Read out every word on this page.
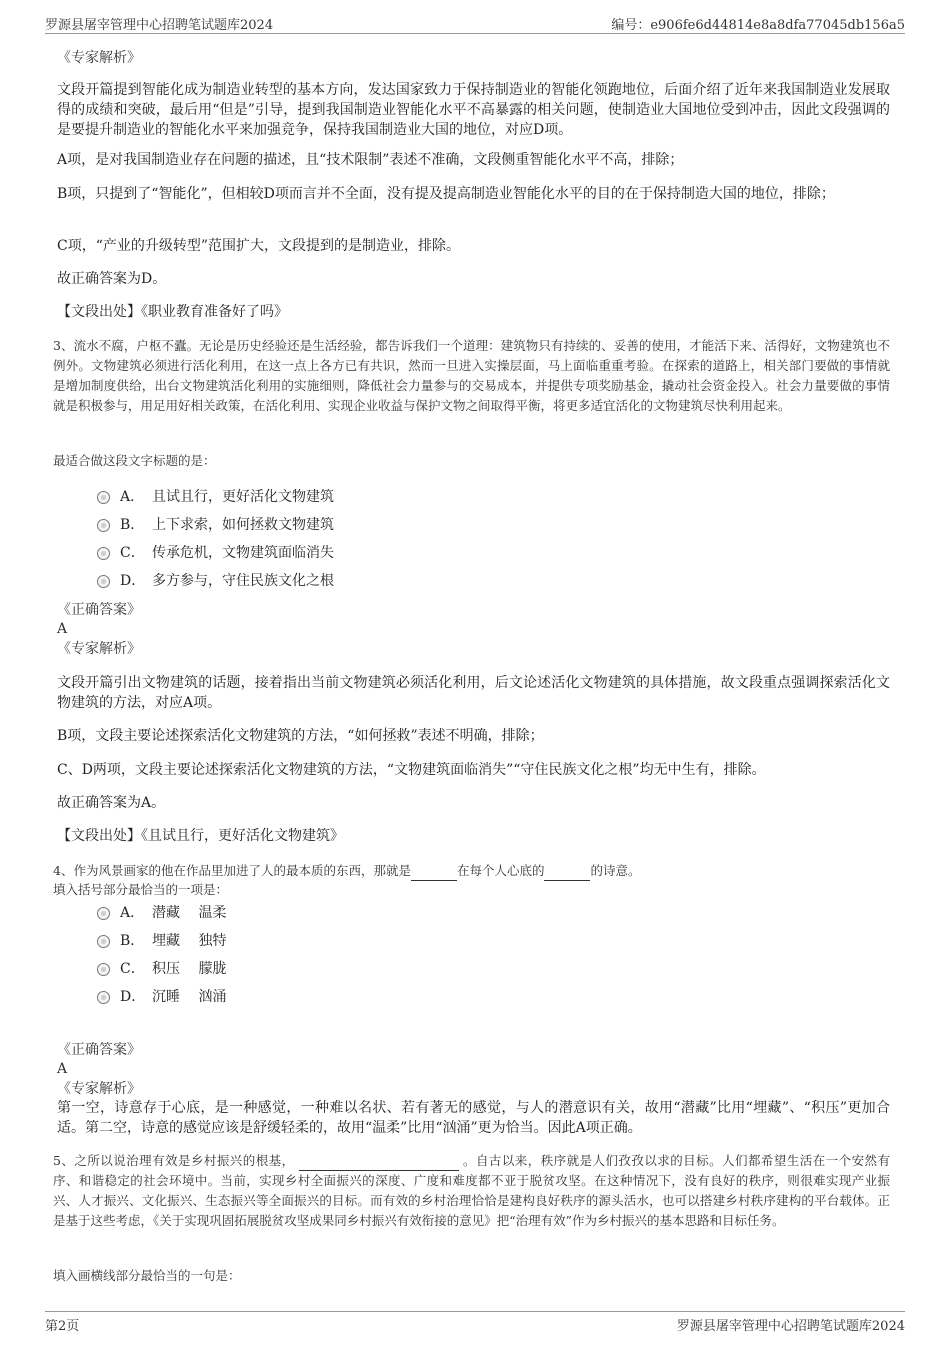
罗源县屠宰管理中心招聘笔试题库2024	编号：e906fe6d44814e8a8dfa77045db156a5
《专家解析》

文段开篇提到智能化成为制造业转型的基本方向，发达国家致力于保持制造业的智能化领跑地位，后面介绍了近年来我国制造业发展取得的成绩和突破，最后用“但是”引导，提到我国制造业智能化水平不高暴露的相关问题，使制造业大国地位受到冲击，因此文段强调的是要提升制造业的智能化水平来加强竞争，保持我国制造业大国的地位，对应D项。

A项，是对我国制造业存在问题的描述，且“技术限制”表述不准确，文段侧重智能化水平不高，排除；

B项，只提到了“智能化”，但相较D项而言并不全面，没有提及提高制造业智能化水平的目的在于保持制造大国的地位，排除；

C项，“产业的升级转型”范围扩大，文段提到的是制造业，排除。

故正确答案为D。

【文段出处】《职业教育准备好了吗》

3、流水不腐，户枢不蠹。无论是历史经验还是生活经验，都告诉我们一个道理：建筑物只有持续的、妥善的使用，才能活下来、活得好，文物建筑也不例外。文物建筑必须进行活化利用，在这一点上各方已有共识，然而一旦进入实操层面，马上面临重重考验。在探索的道路上，相关部门要做的事情就是增加制度供给，出台文物建筑活化利用的实施细则，降低社会力量参与的交易成本，并提供专项奖励基金，撬动社会资金投入。社会力量要做的事情就是积极参与，用足用好相关政策，在活化利用、实现企业收益与保护文物之间取得平衡，将更多适宜活化的文物建筑尽快利用起来。

最适合做这段文字标题的是：

A． 且试且行，更好活化文物建筑
B． 上下求索，如何拯救文物建筑
C． 传承危机，文物建筑面临消失
D． 多方参与，守住民族文化之根
《正确答案》
A
《专家解析》

文段开篇引出文物建筑的话题，接着指出当前文物建筑必须活化利用，后文论述活化文物建筑的具体措施，故文段重点强调探索活化文物建筑的方法，对应A项。

B项，文段主要论述探索活化文物建筑的方法，“如何拯救”表述不明确，排除；

C、D两项，文段主要论述探索活化文物建筑的方法，“文物建筑面临消失”“守住民族文化之根”均无中生有，排除。

故正确答案为A。

【文段出处】《且试且行，更好活化文物建筑》

4、作为风景画家的他在作品里加进了人的最本质的东西，那就是	在每个人心底的	的诗意。

填入括号部分最恰当的一项是：

A． 潜藏　 温柔
B． 埋藏　 独特
C． 积压　 朦胧
D． 沉睡　 汹涌
《正确答案》
A
《专家解析》

第一空，诗意存于心底，是一种感觉，一种难以名状、若有著无的感觉，与人的潜意识有关，故用“潜藏”比用“埋藏”、“积压”更加合适。第二空，诗意的感觉应该是舒缓轻柔的，故用“温柔”比用“汹涌”更为恰当。因此A项正确。

5、之所以说治理有效是乡村振兴的根基，	。自古以来，秩序就是人们孜孜以求的目标。人们都希望生活在一个安然有序、和谐稳定的社会环境中。当前，实现乡村全面振兴的深度、广度和难度都不亚于脱贫攻坚。在这种情况下，没有良好的秩序，则很难实现产业振兴、人才振兴、文化振兴、生态振兴等全面振兴的目标。而有效的乡村治理恰恰是建构良好秩序的源头活水，也可以搭建乡村秩序建构的平台载体。正是基于这些考虑，《关于实现巩固拓展脱贫攻坚成果同乡村振兴有效衔接的意见》把“治理有效”作为乡村振兴的基本思路和目标任务。

填入画横线部分最恰当的一句是：

第2页	罗源县屠宰管理中心招聘笔试题库2024
